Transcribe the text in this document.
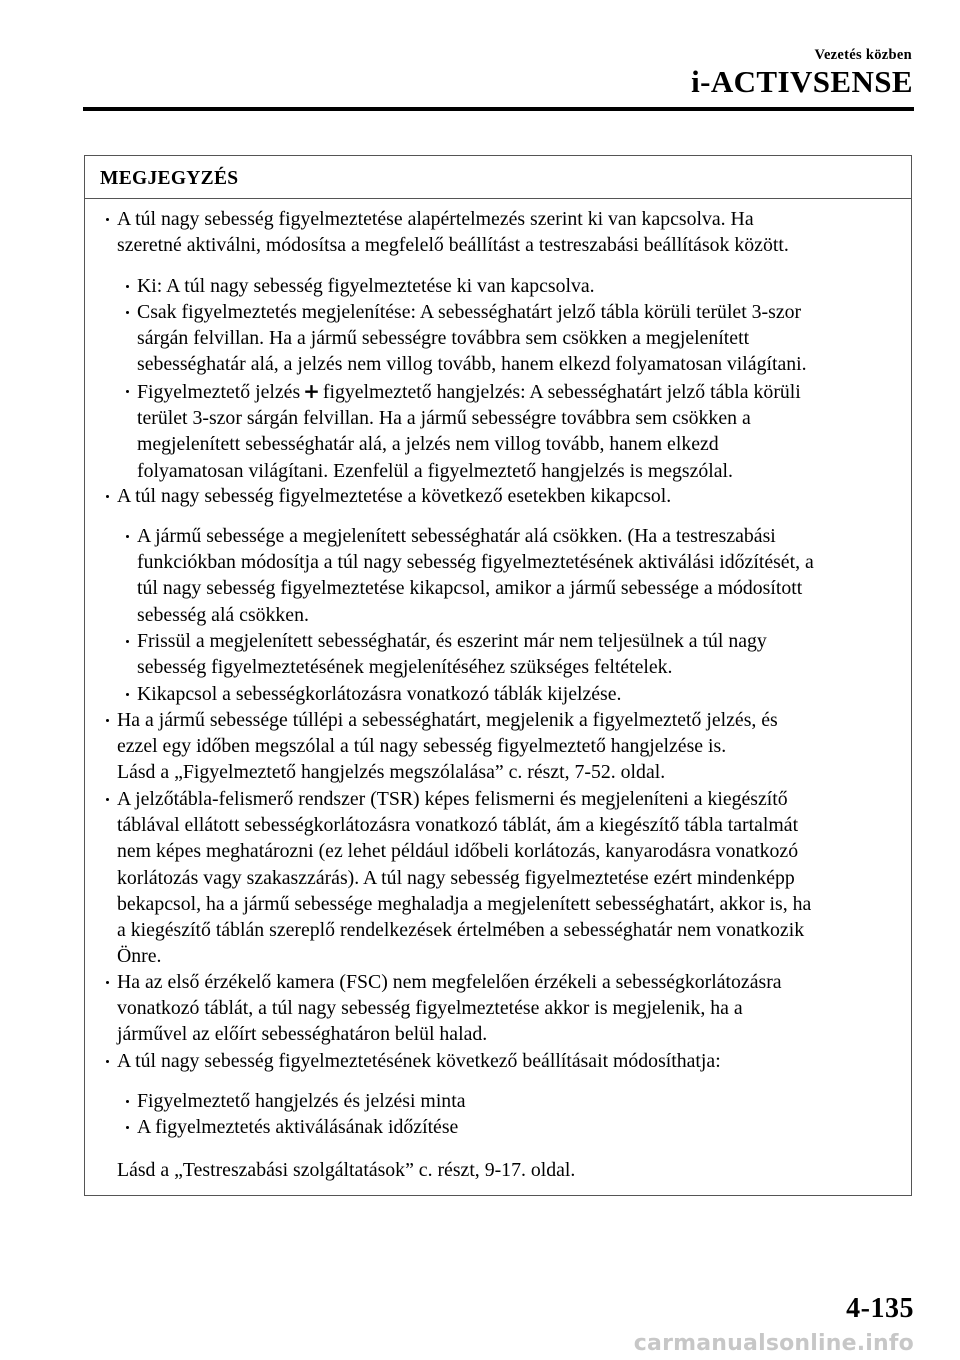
Vezetés közben
i-ACTIVSENSE
MEGJEGYZÉS
A túl nagy sebesség figyelmeztetése alapértelmezés szerint ki van kapcsolva. Ha
szeretné aktiválni, módosítsa a megfelelő beállítást a testreszabási beállítások között.
Ki: A túl nagy sebesség figyelmeztetése ki van kapcsolva.
Csak figyelmeztetés megjelenítése: A sebességhatárt jelző tábla körüli terület 3-szor
sárgán felvillan. Ha a jármű sebességre továbbra sem csökken a megjelenített
sebességhatár alá, a jelzés nem villog tovább, hanem elkezd folyamatosan világítani.
Figyelmeztető jelzés + figyelmeztető hangjelzés: A sebességhatárt jelző tábla körüli
terület 3-szor sárgán felvillan. Ha a jármű sebességre továbbra sem csökken a
megjelenített sebességhatár alá, a jelzés nem villog tovább, hanem elkezd
folyamatosan világítani. Ezenfelül a figyelmeztető hangjelzés is megszólal.
A túl nagy sebesség figyelmeztetése a következő esetekben kikapcsol.
A jármű sebessége a megjelenített sebességhatár alá csökken. (Ha a testreszabási
funkciókban módosítja a túl nagy sebesség figyelmeztetésének aktiválási időzítését, a
túl nagy sebesség figyelmeztetése kikapcsol, amikor a jármű sebessége a módosított
sebesség alá csökken.
Frissül a megjelenített sebességhatár, és eszerint már nem teljesülnek a túl nagy
sebesség figyelmeztetésének megjelenítéséhez szükséges feltételek.
Kikapcsol a sebességkorlátozásra vonatkozó táblák kijelzése.
Ha a jármű sebessége túllépi a sebességhatárt, megjelenik a figyelmeztető jelzés, és
ezzel egy időben megszólal a túl nagy sebesség figyelmeztető hangjelzése is.
Lásd a „Figyelmeztető hangjelzés megszólalása” c. részt, 7-52. oldal.
A jelzőtábla-felismerő rendszer (TSR) képes felismerni és megjeleníteni a kiegészítő
táblával ellátott sebességkorlátozásra vonatkozó táblát, ám a kiegészítő tábla tartalmát
nem képes meghatározni (ez lehet például időbeli korlátozás, kanyarodásra vonatkozó
korlátozás vagy szakaszzárás). A túl nagy sebesség figyelmeztetése ezért mindenképp
bekapcsol, ha a jármű sebessége meghaladja a megjelenített sebességhatárt, akkor is, ha
a kiegészítő táblán szereplő rendelkezések értelmében a sebességhatár nem vonatkozik
Önre.
Ha az első érzékelő kamera (FSC) nem megfelelően érzékeli a sebességkorlátozásra
vonatkozó táblát, a túl nagy sebesség figyelmeztetése akkor is megjelenik, ha a
járművel az előírt sebességhatáron belül halad.
A túl nagy sebesség figyelmeztetésének következő beállításait módosíthatja:
Figyelmeztető hangjelzés és jelzési minta
A figyelmeztetés aktiválásának időzítése
Lásd a „Testreszabási szolgáltatások” c. részt, 9-17. oldal.
4-135
carmanualsonline.info
